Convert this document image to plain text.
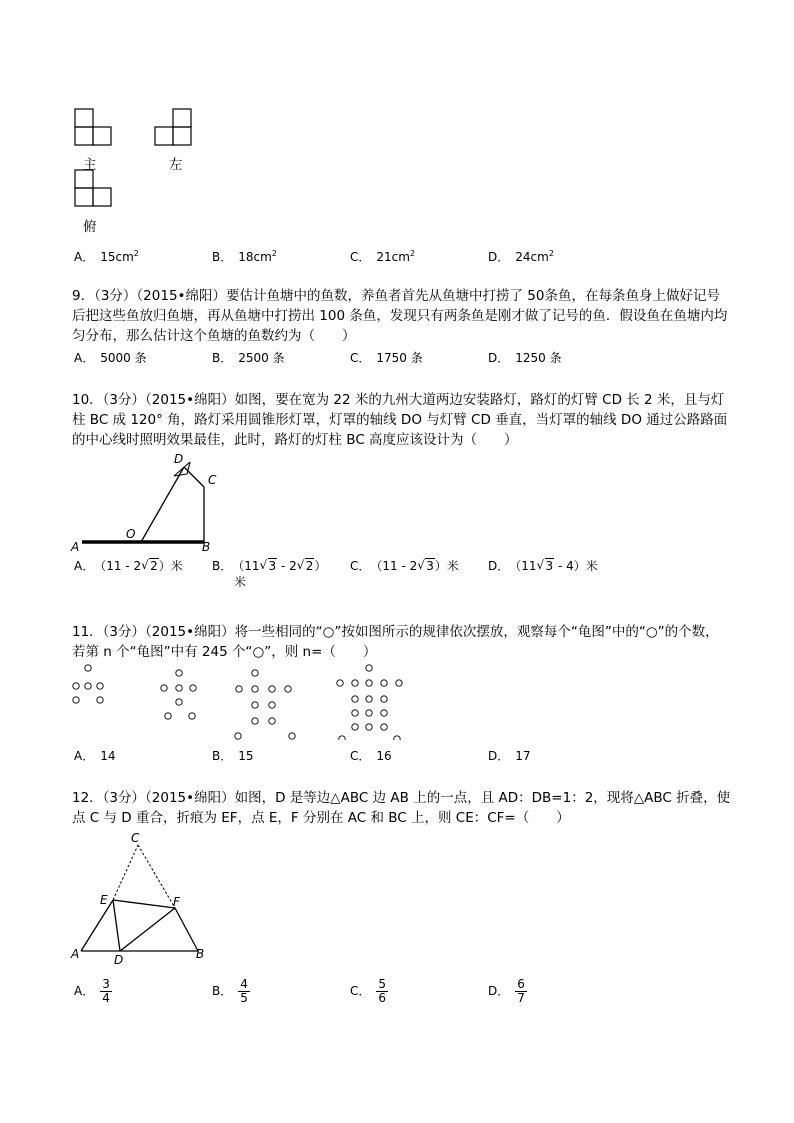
主	左
俯
A． $15cm^2$	B． $18cm^2$	C． $21cm^2$	D． $24cm^2$
9．（3分）（2015•绵阳）要估计鱼塘中的鱼数，养鱼者首先从鱼塘中打捞了 50条鱼，在每条鱼身上做好记号后把这些鱼放归鱼塘，再从鱼塘中打捞出 100 条鱼，发现只有两条鱼是刚才做了记号的鱼．假设鱼在鱼塘内均匀分布，那么估计这个鱼塘的鱼数约为（　　）
A． 5000 条	B． 2500 条	C． 1750 条	D． 1250 条
10．（3分）（2015•绵阳）如图，要在宽为 22 米的九州大道两边安装路灯，路灯的灯臂 CD 长 2 米，且与灯柱 BC 成 120° 角，路灯采用圆锥形灯罩，灯罩的轴线 DO 与灯臂 CD 垂直，当灯罩的轴线 DO 通过公路路面的中心线时照明效果最佳，此时，路灯的灯柱 BC 高度应该设计为（　　）
A	B
C
D
O
A． （11 - 2 √ 2）米 B． （11 √ 3 - 2 √ 2）
米
C． （11 - 2 √ 3）米 D． （11 √ 3 - 4）米
11．（3分）（2015•绵阳）将一些相同的“○”按如图所示的规律依次摆放，观察每个“龟图”中的“○”的个数，若第 n 个“龟图”中有 245 个“○”，则 n=（　　）
A． 14	B． 15	C． 16	D． 17
12．（3分）（2015•绵阳）如图，D 是等边△ABC 边 AB 上的一点，且 AD：DB=1：2，现将△ABC 折叠，使点 C 与 D 重合，折痕为 EF，点 E，F 分别在 AC 和 BC 上，则 CE：CF=（　　）
C
E	F
A	B
D
A． $\frac{3}{4}$	B． $\frac{4}{5}$	C． $\frac{5}{6}$	D． $\frac{6}{7}$
